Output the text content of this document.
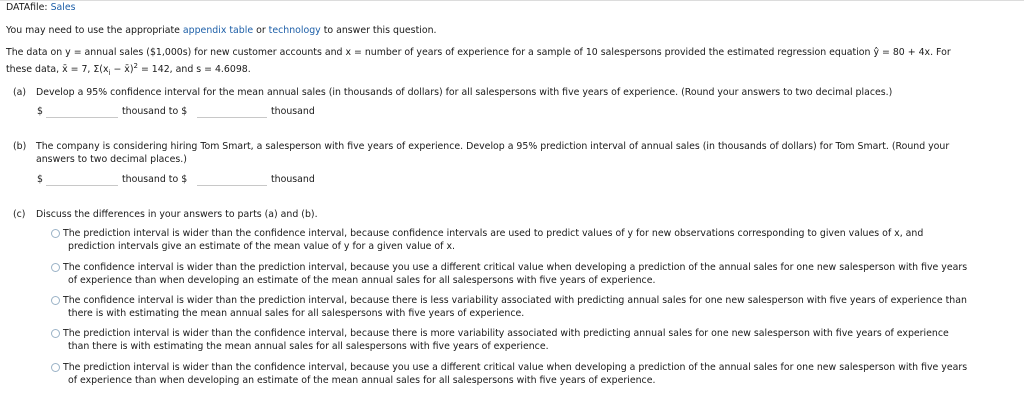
DATAfile: Sales
You may need to use the appropriate appendix table or technology to answer this question.
The data on y = annual sales ($1,000s) for new customer accounts and x = number of years of experience for a sample of 10 salespersons provided the estimated regression equation ŷ = 80 + 4x. For
these data, x̄ = 7, $\Sigma(x_i$ − x̄)$^2$ = 142, and s = 4.6098.
(a) Develop a 95% confidence interval for the mean annual sales (in thousands of dollars) for all salespersons with five years of experience. (Round your answers to two decimal places.)
$	thousand to $	thousand
(b) The company is considering hiring Tom Smart, a salesperson with five years of experience. Develop a 95% prediction interval of annual sales (in thousands of dollars) for Tom Smart. (Round your
answers to two decimal places.)
$	thousand to $	thousand
(c) Discuss the differences in your answers to parts (a) and (b).
The prediction interval is wider than the confidence interval, because confidence intervals are used to predict values of y for new observations corresponding to given values of x, and
prediction intervals give an estimate of the mean value of y for a given value of x.
The confidence interval is wider than the prediction interval, because you use a different critical value when developing a prediction of the annual sales for one new salesperson with five years
of experience than when developing an estimate of the mean annual sales for all salespersons with five years of experience.
The confidence interval is wider than the prediction interval, because there is less variability associated with predicting annual sales for one new salesperson with five years of experience than
there is with estimating the mean annual sales for all salespersons with five years of experience.
The prediction interval is wider than the confidence interval, because there is more variability associated with predicting annual sales for one new salesperson with five years of experience
than there is with estimating the mean annual sales for all salespersons with five years of experience.
The prediction interval is wider than the confidence interval, because you use a different critical value when developing a prediction of the annual sales for one new salesperson with five years
of experience than when developing an estimate of the mean annual sales for all salespersons with five years of experience.
